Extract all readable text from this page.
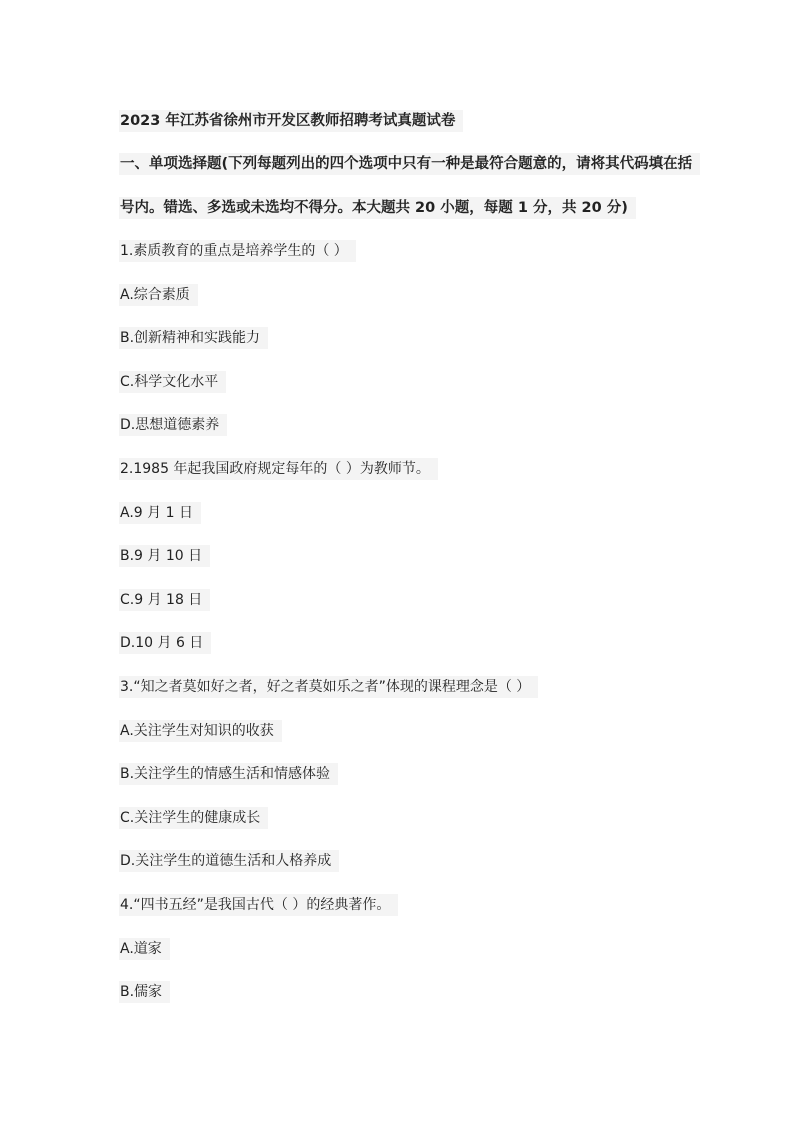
2023 年江苏省徐州市开发区教师招聘考试真题试卷
一、单项选择题(下列每题列出的四个选项中只有一种是最符合题意的，请将其代码填在括
号内。错选、多选或未选均不得分。本大题共 20 小题，每题 1 分，共 20 分)
1.素质教育的重点是培养学生的（ ）
A.综合素质
B.创新精神和实践能力
C.科学文化水平
D.思想道德素养
2.1985 年起我国政府规定每年的（ ）为教师节。
A.9 月 1 日
B.9 月 10 日
C.9 月 18 日
D.10 月 6 日
3.“知之者莫如好之者，好之者莫如乐之者”体现的课程理念是（ ）
A.关注学生对知识的收获
B.关注学生的情感生活和情感体验
C.关注学生的健康成长
D.关注学生的道德生活和人格养成
4.“四书五经”是我国古代（ ）的经典著作。
A.道家
B.儒家
